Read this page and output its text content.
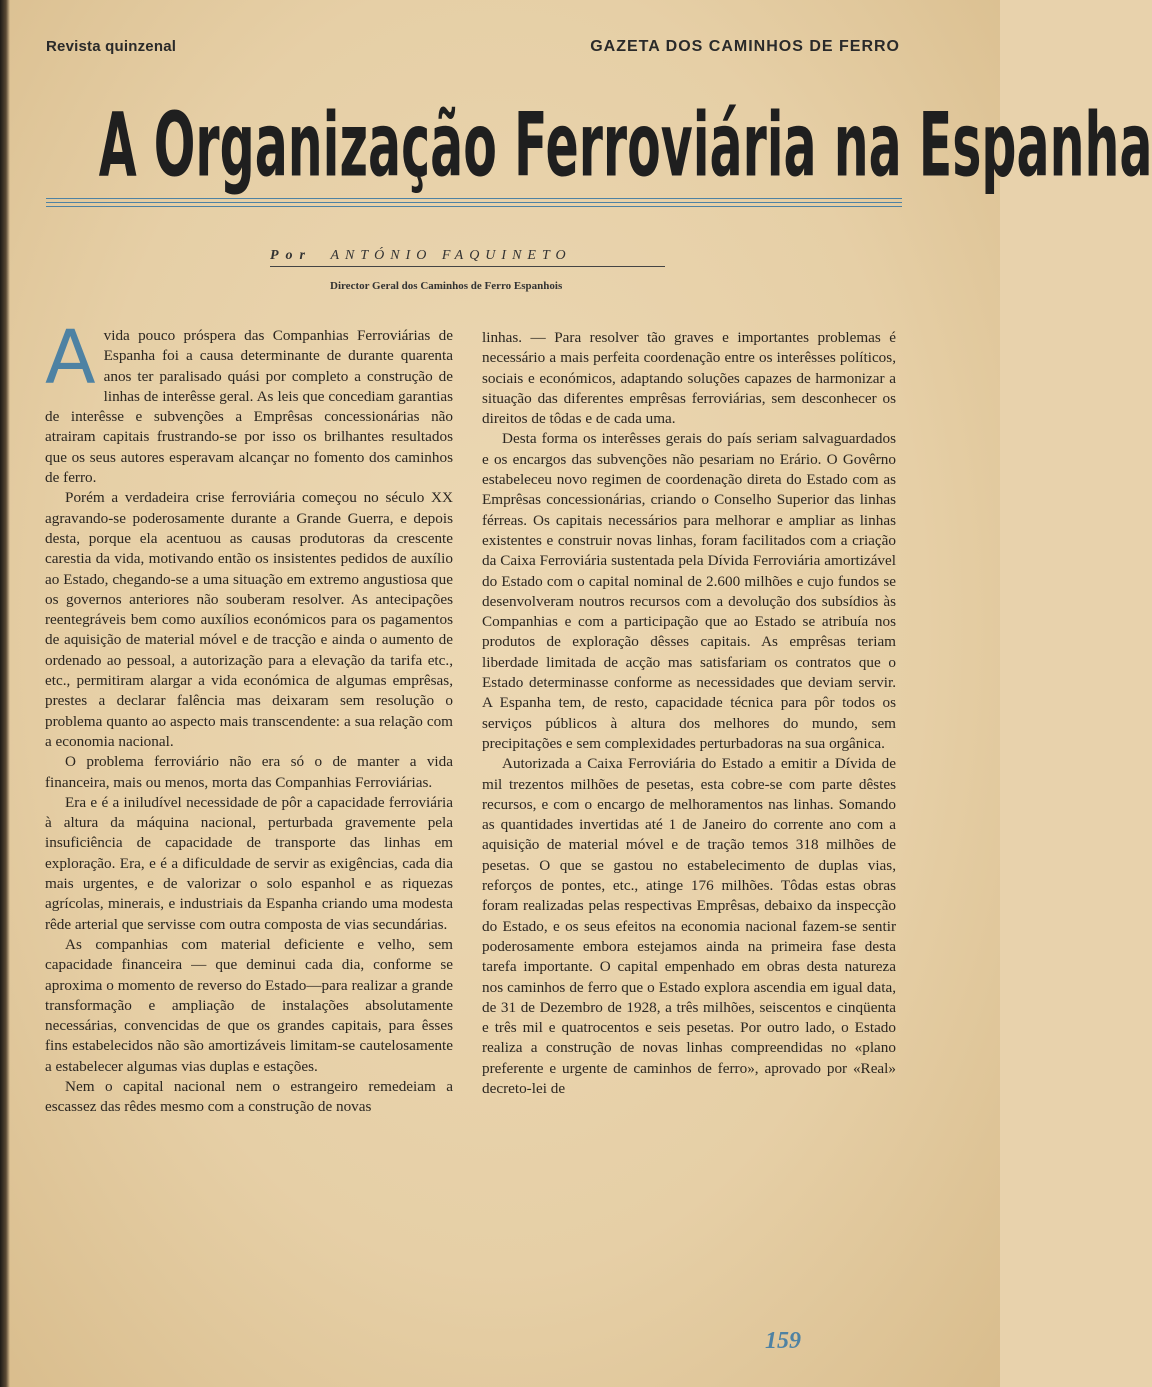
Revista quinzenal	GAZETA DOS CAMINHOS DE FERRO
A Organização Ferroviária na Espanha
Por ANTÓNIO FAQUINETO
Director Geral dos Caminhos de Ferro Espanhois

Avida pouco próspera das Companhias Ferroviárias de Espanha foi a causa determinante de durante quarenta anos ter paralisado quási por completo a construção de linhas de interêsse geral. As leis que concediam garantias de interêsse e subvenções a Emprêsas concessionárias não atrairam capitais frustrando-se por isso os brilhantes resultados que os seus autores esperavam alcançar no fomento dos caminhos de ferro.

Porém a verdadeira crise ferroviária começou no século XX agravando-se poderosamente durante a Grande Guerra, e depois desta, porque ela acentuou as causas produtoras da crescente carestia da vida, motivando então os insistentes pedidos de auxílio ao Estado, chegando-se a uma situação em extremo angustiosa que os governos anteriores não souberam resolver. As antecipações reentegráveis bem como auxílios económicos para os pagamentos de aquisição de material móvel e de tracção e ainda o aumento de ordenado ao pessoal, a autorização para a elevação da tarifa etc., etc., permitiram alargar a vida económica de algumas emprêsas, prestes a declarar falência mas deixaram sem resolução o problema quanto ao aspecto mais transcendente: a sua relação com a economia nacional.

O problema ferroviário não era só o de manter a vida financeira, mais ou menos, morta das Companhias Ferroviárias.

Era e é a iniludível necessidade de pôr a capacidade ferroviária à altura da máquina nacional, perturbada gravemente pela insuficiência de capacidade de transporte das linhas em exploração. Era, e é a dificuldade de servir as exigências, cada dia mais urgentes, e de valorizar o solo espanhol e as riquezas agrícolas, minerais, e industriais da Espanha criando uma modesta rêde arterial que servisse com outra composta de vias secundárias.

As companhias com material deficiente e velho, sem capacidade financeira — que deminui cada dia, conforme se aproxima o momento de reverso do Estado—para realizar a grande transformação e ampliação de instalações absolutamente necessárias, convencidas de que os grandes capitais, para êsses fins estabelecidos não são amortizáveis limitam-se cautelosamente a estabelecer algumas vias duplas e estações.

Nem o capital nacional nem o estrangeiro remedeiam a escassez das rêdes mesmo com a construção de novas

linhas. — Para resolver tão graves e importantes problemas é necessário a mais perfeita coordenação entre os interêsses políticos, sociais e económicos, adaptando soluções capazes de harmonizar a situação das diferentes emprêsas ferroviárias, sem desconhecer os direitos de tôdas e de cada uma.

Desta forma os interêsses gerais do país seriam salvaguardados e os encargos das subvenções não pesariam no Erário. O Govêrno estabeleceu novo regimen de coordenação direta do Estado com as Emprêsas concessionárias, criando o Conselho Superior das linhas férreas. Os capitais necessários para melhorar e ampliar as linhas existentes e construir novas linhas, foram facilitados com a criação da Caixa Ferroviária sustentada pela Dívida Ferroviária amortizável do Estado com o capital nominal de 2.600 milhões e cujo fundos se desenvolveram noutros recursos com a devolução dos subsídios às Companhias e com a participação que ao Estado se atribuía nos produtos de exploração dêsses capitais. As emprêsas teriam liberdade limitada de acção mas satisfariam os contratos que o Estado determinasse conforme as necessidades que deviam servir. A Espanha tem, de resto, capacidade técnica para pôr todos os serviços públicos à altura dos melhores do mundo, sem precipitações e sem complexidades perturbadoras na sua orgânica.

Autorizada a Caixa Ferroviária do Estado a emitir a Dívida de mil trezentos milhões de pesetas, esta cobre-se com parte dêstes recursos, e com o encargo de melhoramentos nas linhas. Somando as quantidades invertidas até 1 de Janeiro do corrente ano com a aquisição de material móvel e de tração temos 318 milhões de pesetas. O que se gastou no estabelecimento de duplas vias, reforços de pontes, etc., atinge 176 milhões. Tôdas estas obras foram realizadas pelas respectivas Emprêsas, debaixo da inspecção do Estado, e os seus efeitos na economia nacional fazem-se sentir poderosamente embora estejamos ainda na primeira fase desta tarefa importante. O capital empenhado em obras desta natureza nos caminhos de ferro que o Estado explora ascendia em igual data, de 31 de Dezembro de 1928, a três milhões, seiscentos e cinqüenta e três mil e quatrocentos e seis pesetas. Por outro lado, o Estado realiza a construção de novas linhas compreendidas no «plano preferente e urgente de caminhos de ferro», aprovado por «Real» decreto-lei de

159
